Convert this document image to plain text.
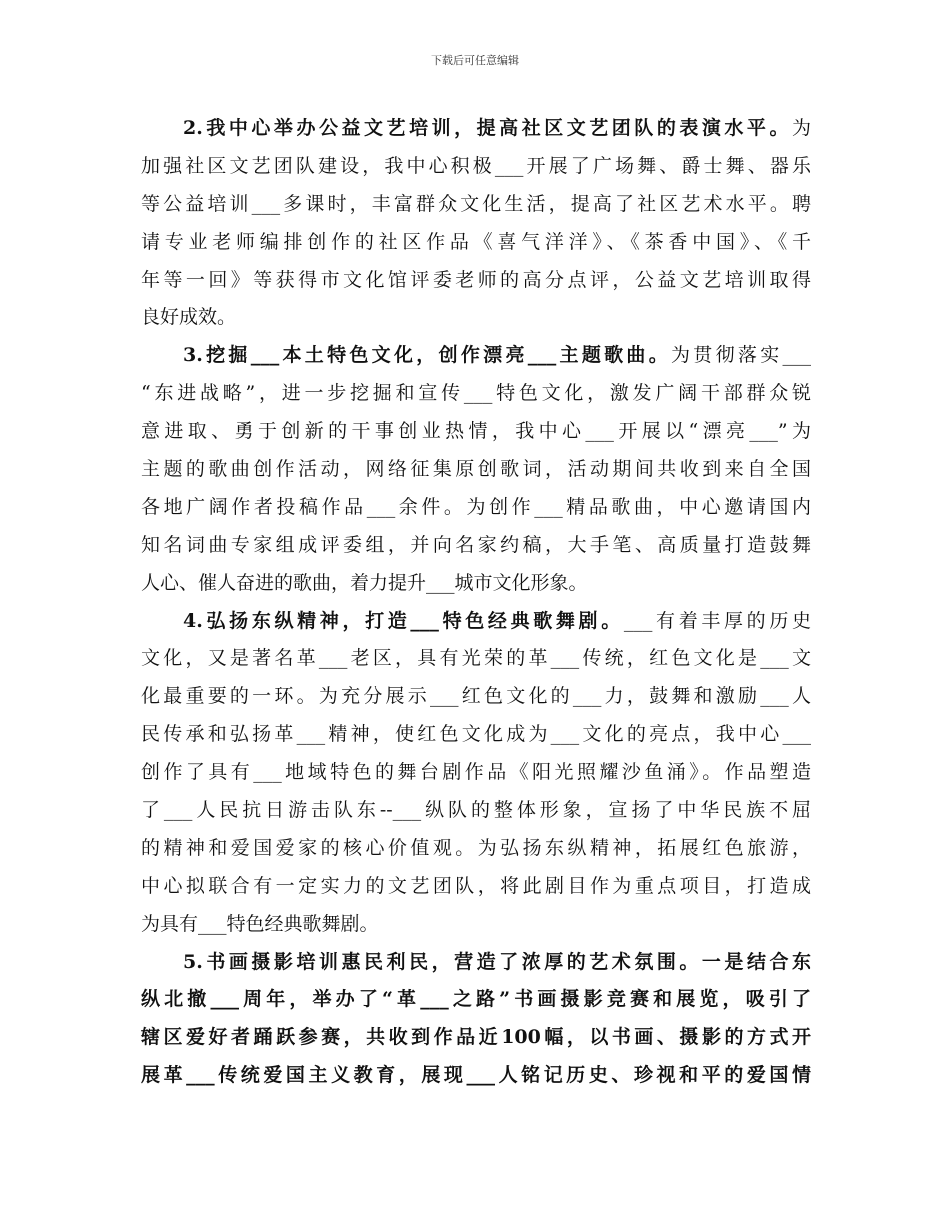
下载后可任意编辑
2.我中心举办公益文艺培训，提高社区文艺团队的表演水平。为
加强社区文艺团队建设，我中心积极___开展了广场舞、爵士舞、器乐
等公益培训___多课时，丰富群众文化生活，提高了社区艺术水平。聘
请专业老师编排创作的社区作品《喜气洋洋》、《茶香中国》、《千
年等一回》等获得市文化馆评委老师的高分点评，公益文艺培训取得
良好成效。
3.挖掘___本土特色文化，创作漂亮___主题歌曲。为贯彻落实___
“东进战略”，进一步挖掘和宣传___特色文化，激发广阔干部群众锐
意进取、勇于创新的干事创业热情，我中心___开展以“漂亮___”为
主题的歌曲创作活动，网络征集原创歌词，活动期间共收到来自全国
各地广阔作者投稿作品___余件。为创作___精品歌曲，中心邀请国内
知名词曲专家组成评委组，并向名家约稿，大手笔、高质量打造鼓舞
人心、催人奋进的歌曲，着力提升___城市文化形象。
4.弘扬东纵精神，打造___特色经典歌舞剧。___有着丰厚的历史
文化，又是著名革___老区，具有光荣的革___传统，红色文化是___文
化最重要的一环。为充分展示___红色文化的___力，鼓舞和激励___人
民传承和弘扬革___精神，使红色文化成为___文化的亮点，我中心___
创作了具有___地域特色的舞台剧作品《阳光照耀沙鱼涌》。作品塑造
了___人民抗日游击队东--___纵队的整体形象，宣扬了中华民族不屈
的精神和爱国爱家的核心价值观。为弘扬东纵精神，拓展红色旅游，
中心拟联合有一定实力的文艺团队，将此剧目作为重点项目，打造成
为具有___特色经典歌舞剧。
5.书画摄影培训惠民利民，营造了浓厚的艺术氛围。一是结合东
纵北撤___周年，举办了“革___之路”书画摄影竞赛和展览，吸引了
辖区爱好者踊跃参赛，共收到作品近100幅，以书画、摄影的方式开
展革___传统爱国主义教育，展现___人铭记历史、珍视和平的爱国情
